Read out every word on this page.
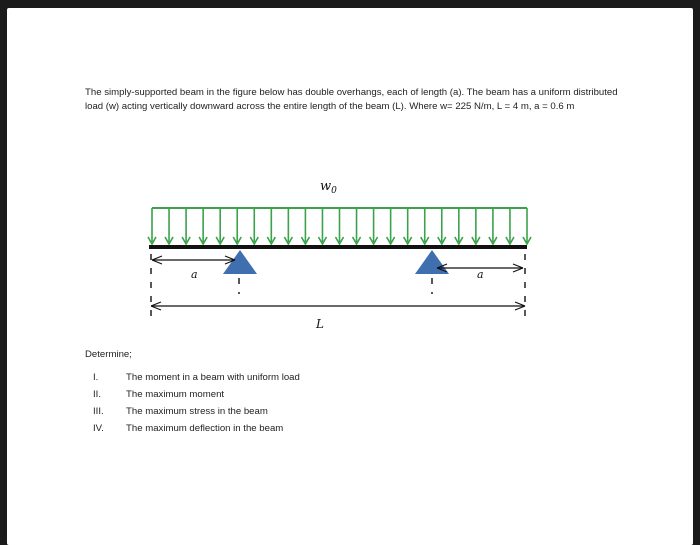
The simply-supported beam in the figure below has double overhangs, each of length (a). The beam has a uniform distributed load (w) acting vertically downward across the entire length of the beam (L). Where w= 225 N/m, L = 4 m, a = 0.6 m
$w_0$
a	a
L
Determine;
I.	The moment in a beam with uniform load
II.	The maximum moment
III. The maximum stress in the beam
IV. The maximum deflection in the beam
